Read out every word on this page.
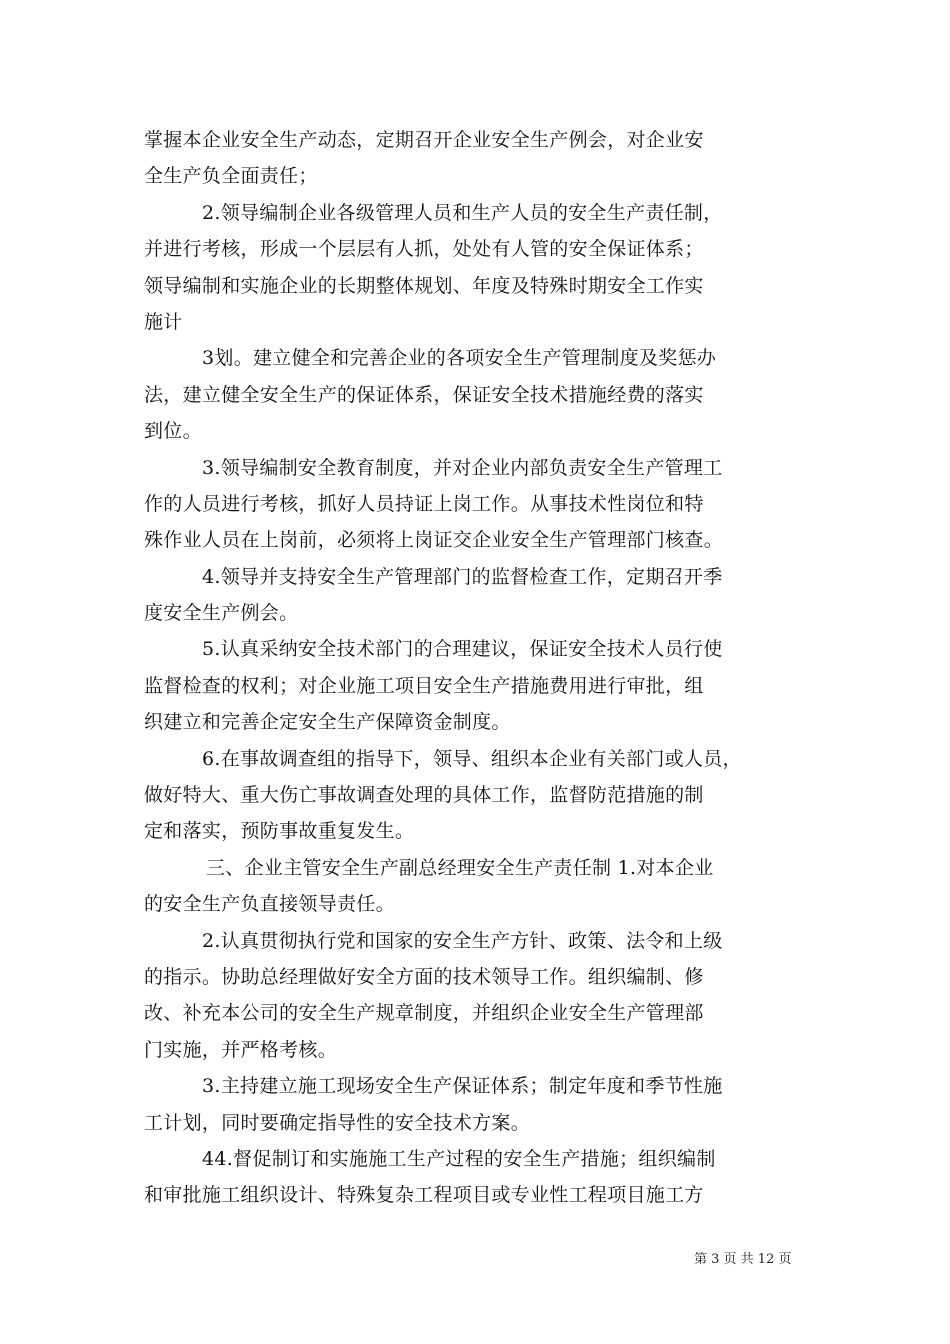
掌握本企业安全生产动态，定期召开企业安全生产例会，对企业安
全生产负全面责任；
2.领导编制企业各级管理人员和生产人员的安全生产责任制，
并进行考核，形成一个层层有人抓，处处有人管的安全保证体系；
领导编制和实施企业的长期整体规划、年度及特殊时期安全工作实
施计
3划。建立健全和完善企业的各项安全生产管理制度及奖惩办
法，建立健全安全生产的保证体系，保证安全技术措施经费的落实
到位。
3.领导编制安全教育制度，并对企业内部负责安全生产管理工
作的人员进行考核，抓好人员持证上岗工作。从事技术性岗位和特
殊作业人员在上岗前，必须将上岗证交企业安全生产管理部门核查。
4.领导并支持安全生产管理部门的监督检查工作，定期召开季
度安全生产例会。
5.认真采纳安全技术部门的合理建议，保证安全技术人员行使
监督检查的权利；对企业施工项目安全生产措施费用进行审批，组
织建立和完善企定安全生产保障资金制度。
6.在事故调查组的指导下，领导、组织本企业有关部门或人员，
做好特大、重大伤亡事故调查处理的具体工作，监督防范措施的制
定和落实，预防事故重复发生。
三、企业主管安全生产副总经理安全生产责任制 1.对本企业
的安全生产负直接领导责任。
2.认真贯彻执行党和国家的安全生产方针、政策、法令和上级
的指示。协助总经理做好安全方面的技术领导工作。组织编制、修
改、补充本公司的安全生产规章制度，并组织企业安全生产管理部
门实施，并严格考核。
3.主持建立施工现场安全生产保证体系；制定年度和季节性施
工计划，同时要确定指导性的安全技术方案。
44.督促制订和实施施工生产过程的安全生产措施；组织编制
和审批施工组织设计、特殊复杂工程项目或专业性工程项目施工方
第 3 页 共 12 页
